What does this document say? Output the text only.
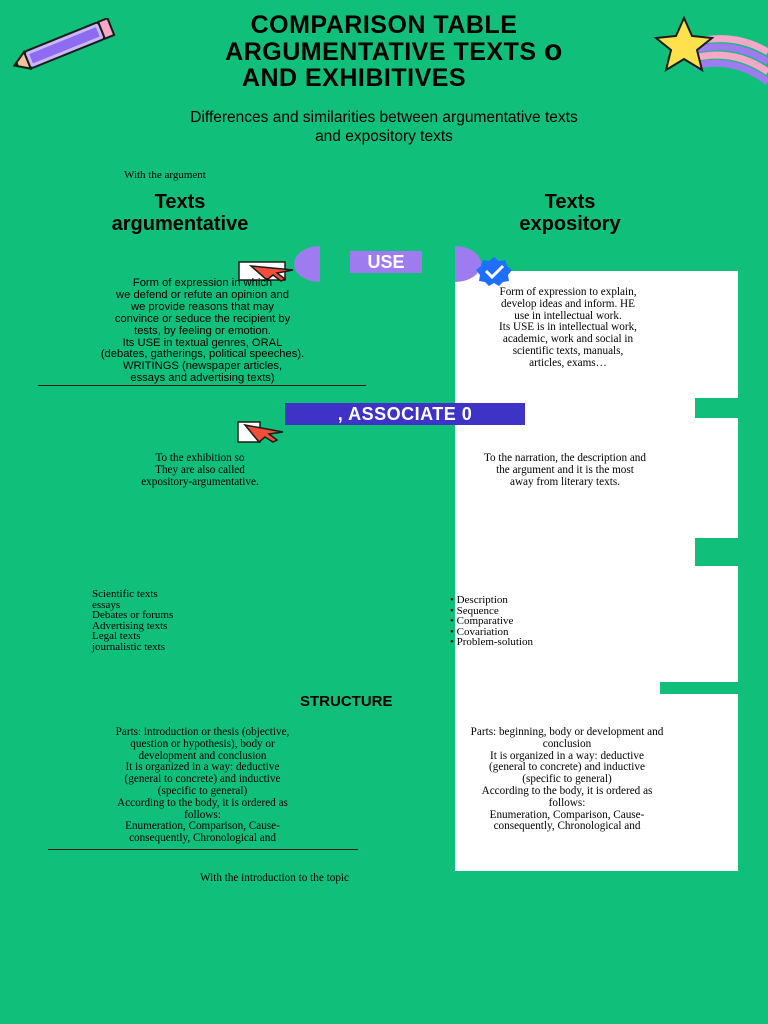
COMPARISON TABLE
ARGUMENTATIVE TEXTS o
AND EXHIBITIVES
Differences and similarities between argumentative texts
and expository texts
With the argument
Texts
argumentative
Texts
expository
USE
Form of expression in which
we defend or refute an opinion and
we provide reasons that may
convince or seduce the recipient by
tests, by feeling or emotion.
Its USE in textual genres, ORAL
(debates, gatherings, political speeches).
WRITINGS (newspaper articles,
essays and advertising texts)
Form of expression to explain,
develop ideas and inform. HE
use in intellectual work.
Its USE is in intellectual work,
academic, work and social in
scientific texts, manuals,
articles, exams…
, ASSOCIATE 0
To the exhibition so
They are also called
expository-argumentative.
To the narration, the description and
the argument and it is the most
away from literary texts.
Scientific texts
essays
Debates or forums
Advertising texts
Legal texts
journalistic texts
• Description
• Sequence
• Comparative
• Covariation
• Problem-solution
STRUCTURE
Parts: introduction or thesis (objective,
question or hypothesis), body or
development and conclusion
It is organized in a way: deductive
(general to concrete) and inductive
(specific to general)
According to the body, it is ordered as
follows:
Enumeration, Comparison, Cause-
consequently, Chronological and
Parts: beginning, body or development and
conclusion
It is organized in a way: deductive
(general to concrete) and inductive
(specific to general)
According to the body, it is ordered as
follows:
Enumeration, Comparison, Cause-
consequently, Chronological and
With the introduction to the topic
